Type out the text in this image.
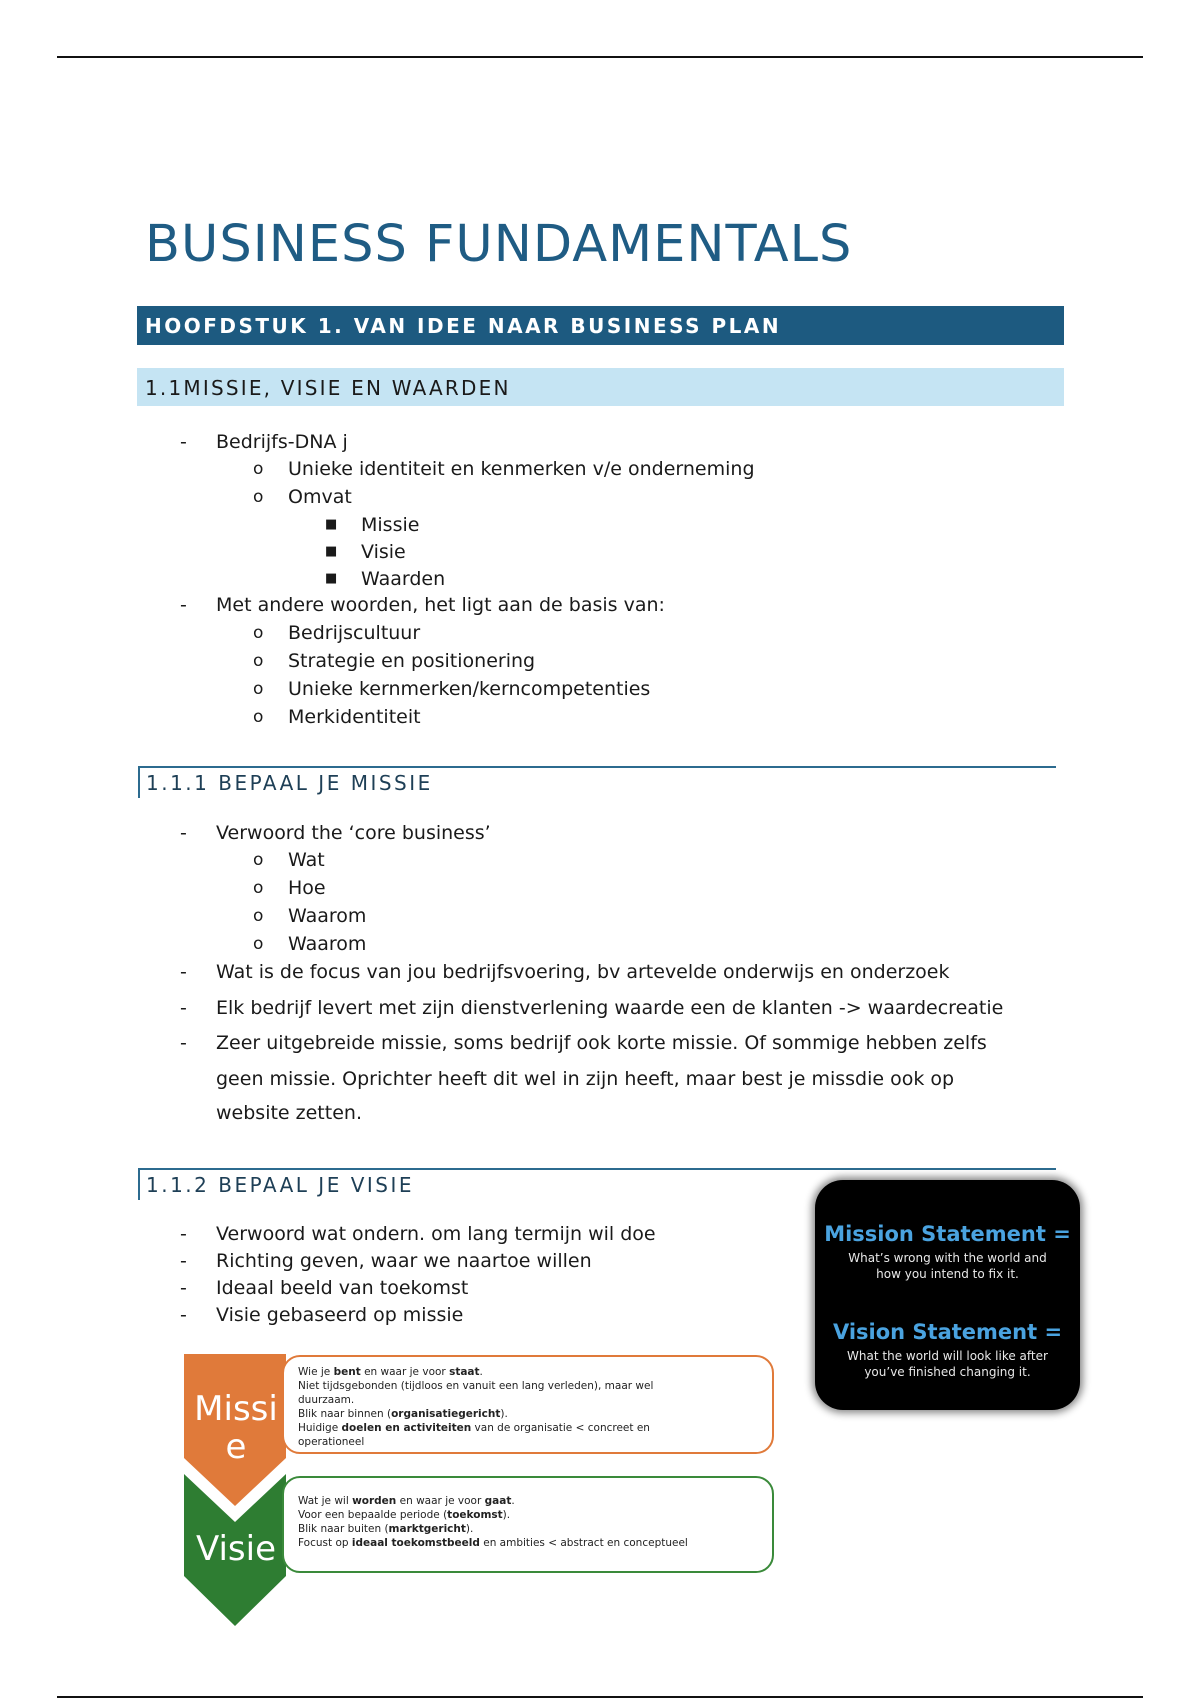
BUSINESS FUNDAMENTALS
HOOFDSTUK 1. VAN IDEE NAAR BUSINESS PLAN
1.1MISSIE, VISIE EN WAARDEN
- Bedrijfs-DNA j
o Unieke identiteit en kenmerken v/e onderneming
o Omvat
■ Missie
■ Visie
■ Waarden
- Met andere woorden, het ligt aan de basis van:
o Bedrijscultuur
o Strategie en positionering
o Unieke kernmerken/kerncompetenties
o Merkidentiteit
1.1.1 BEPAAL JE MISSIE
- Verwoord the ‘core business’
o Wat
o Hoe
o Waarom
o Waarom
- Wat is de focus van jou bedrijfsvoering, bv artevelde onderwijs en onderzoek
- Elk bedrijf levert met zijn dienstverlening waarde een de klanten -> waardecreatie
- Zeer uitgebreide missie, soms bedrijf ook korte missie. Of sommige hebben zelfs
geen missie. Oprichter heeft dit wel in zijn heeft, maar best je missdie ook op
website zetten.
1.1.2 BEPAAL JE VISIE
- Verwoord wat ondern. om lang termijn wil doe
- Richting geven, waar we naartoe willen
- Ideaal beeld van toekomst
- Visie gebaseerd op missie
Mission Statement =
What’s wrong with the world and
how you intend to fix it.
Vision Statement =
What the world will look like after
you’ve finished changing it.
Missi
e
Visie
Wie je bent en waar je voor staat.
Niet tijdsgebonden (tijdloos en vanuit een lang verleden), maar wel
duurzaam.
Blik naar binnen (organisatiegericht).
Huidige doelen en activiteiten van de organisatie < concreet en
operationeel
Wat je wil worden en waar je voor gaat.
Voor een bepaalde periode (toekomst).
Blik naar buiten (marktgericht).
Focust op ideaal toekomstbeeld en ambities < abstract en conceptueel
